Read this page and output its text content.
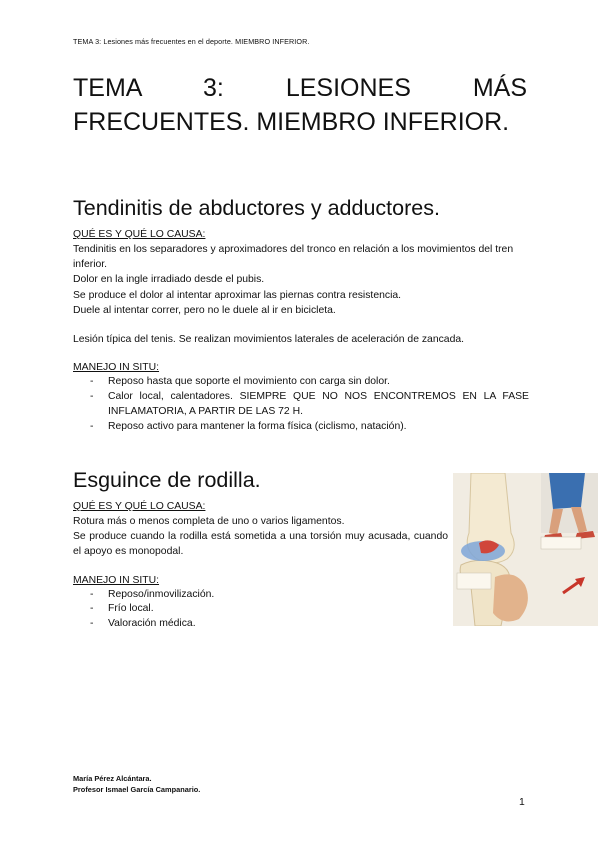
TEMA 3: Lesiones más frecuentes en el deporte. MIEMBRO INFERIOR.
TEMA 3: LESIONES MÁS FRECUENTES. MIEMBRO INFERIOR.
Tendinitis de abductores y adductores.
QUÉ ES Y QUÉ LO CAUSA:

Tendinitis en los separadores y aproximadores del tronco en relación a los movimientos del tren inferior.

Dolor en la ingle irradiado desde el pubis.

Se produce el dolor al intentar aproximar las piernas contra resistencia.

Duele al intentar correr, pero no le duele al ir en bicicleta.

Lesión típica del tenis. Se realizan movimientos laterales de aceleración de zancada.

MANEJO IN SITU:
- Reposo hasta que soporte el movimiento con carga sin dolor.
- Calor local, calentadores. SIEMPRE QUE NO NOS ENCONTREMOS EN LA FASE INFLAMATORIA, A PARTIR DE LAS 72 H.
- Reposo activo para mantener la forma física (ciclismo, natación).
Esguince de rodilla.
QUÉ ES Y QUÉ LO CAUSA:

Rotura más o menos completa de uno o varios ligamentos.

Se produce cuando la rodilla está sometida a una torsión muy acusada, cuando el apoyo es monopodal.

MANEJO IN SITU:
- Reposo/inmovilización.
- Frío local.
- Valoración médica.
María Pérez Alcántara.
Profesor Ismael García Campanario.
1
